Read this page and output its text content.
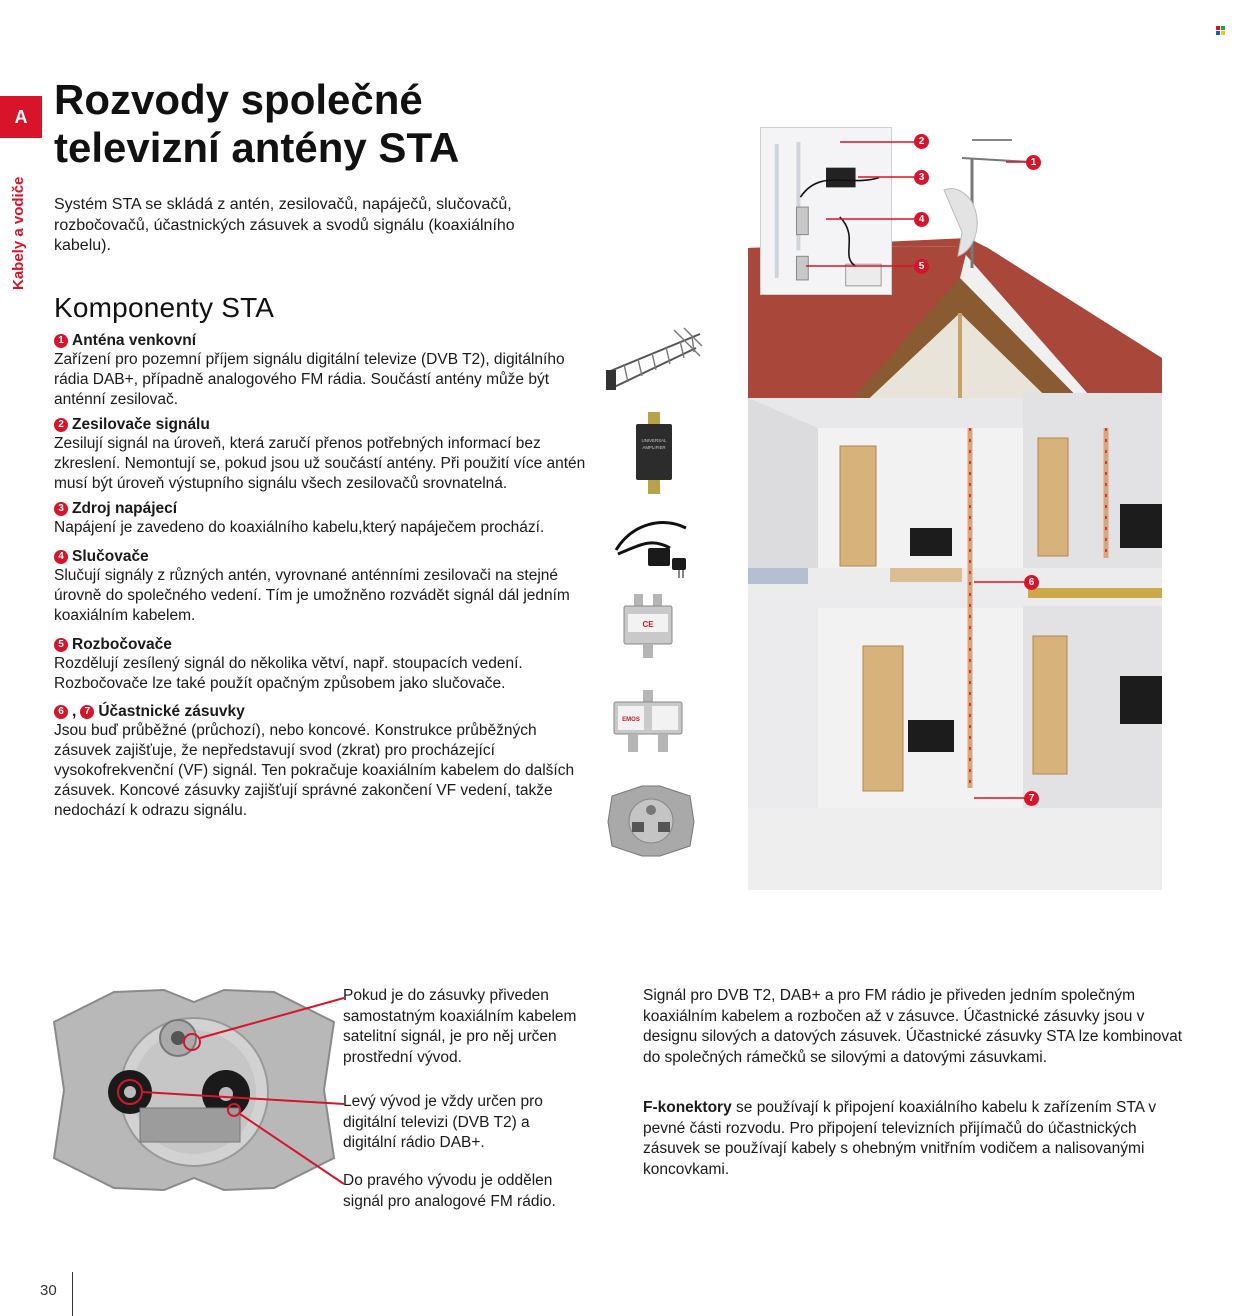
A
Kabely a vodiče
Rozvody společné televizní antény STA

Systém STA se skládá z antén, zesilovačů, napáječů, slučovačů, rozbočovačů, účastnických zásuvek a svodů signálu (koaxiálního kabelu).

Komponenty STA
1 Anténa venkovní
Zařízení pro pozemní příjem signálu digitální televize (DVB T2), digitálního rádia DAB+, případně analogového FM rádia. Součástí antény může být anténní zesilovač.
2 Zesilovače signálu
Zesilují signál na úroveň, která zaručí přenos potřebných informací bez zkreslení. Nemontují se, pokud jsou už součástí antény. Při použití více antén musí být úroveň výstupního signálu všech zesilovačů srovnatelná.
3 Zdroj napájecí
Napájení je zavedeno do koaxiálního kabelu,který napáječem prochází.
4 Slučovače
Slučují signály z různých antén, vyrovnané anténními zesilovači na stejné úrovně do společného vedení. Tím je umožněno rozvádět signál dál jedním koaxiálním kabelem.
5 Rozbočovače
Rozdělují zesílený signál do několika větví, např. stoupacích vedení. Rozbočovače lze také použít opačným způsobem jako slučovače.
6 , 7 Účastnické zásuvky
Jsou buď průběžné (průchozí), nebo koncové. Konstrukce průběžných zásuvek zajišťuje, že nepředstavují svod (zkrat) pro procházející vysokofrekvenční (VF) signál. Ten pokračuje koaxiálním kabelem do dalších zásuvek. Koncové zásuvky zajišťují správné zakončení VF vedení, takže nedochází k odrazu signálu.
UNIVERSAL
AMPLIFIER
CE
EMOS
2
3
4
5
1
6
7

Pokud je do zásuvky přiveden samostatným koaxiálním kabelem satelitní signál, je pro něj určen prostřední vývod.

Levý vývod je vždy určen pro digitální televizi (DVB T2) a digitální rádio DAB+.

Do pravého vývodu je oddělen signál pro analogové FM rádio.

Signál pro DVB T2, DAB+ a pro FM rádio je přiveden jedním společným koaxiálním kabelem a rozbočen až v zásuvce. Účastnické zásuvky jsou v designu silových a datových zásuvek. Účastnické zásuvky STA lze kombinovat do společných rámečků se silovými a datovými zásuvkami.

F-konektory se používají k připojení koaxiálního kabelu k zařízením STA v pevné části rozvodu. Pro připojení televizních přijímačů do účastnických zásuvek se používají kabely s ohebným vnitřním vodičem a nalisovanými koncovkami.

30
